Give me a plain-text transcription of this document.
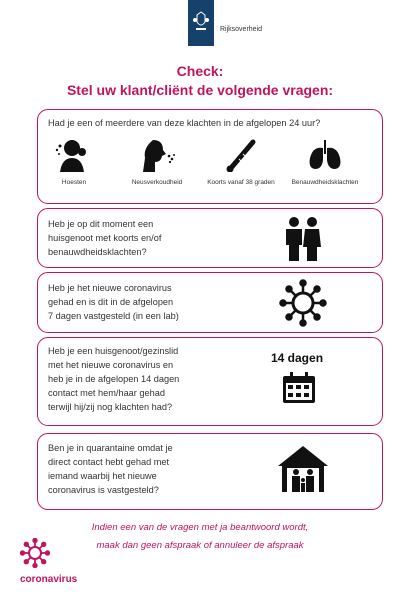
Rijksoverheid
Check:
Stel uw klant/cliënt de volgende vragen:
Had je een of meerdere van deze klachten in de afgelopen 24 uur?
Hoesten	Neusverkoudheid	Koorts vanaf 38 graden	Benauwdheidsklachten
Heb je op dit moment een
huisgenoot met koorts en/of
benauwdheidsklachten?
Heb je het nieuwe coronavirus
gehad en is dit in de afgelopen
7 dagen vastgesteld (in een lab)
Heb je een huisgenoot/gezinslid
met het nieuwe coronavirus en
heb je in de afgelopen 14 dagen
contact met hem/haar gehad
terwijl hij/zij nog klachten had?
14 dagen
Ben je in quarantaine omdat je
direct contact hebt gehad met
iemand waarbij het nieuwe
coronavirus is vastgesteld?
Indien een van de vragen met ja beantwoord wordt,
maak dan geen afspraak of annuleer de afspraak
coronavirus
